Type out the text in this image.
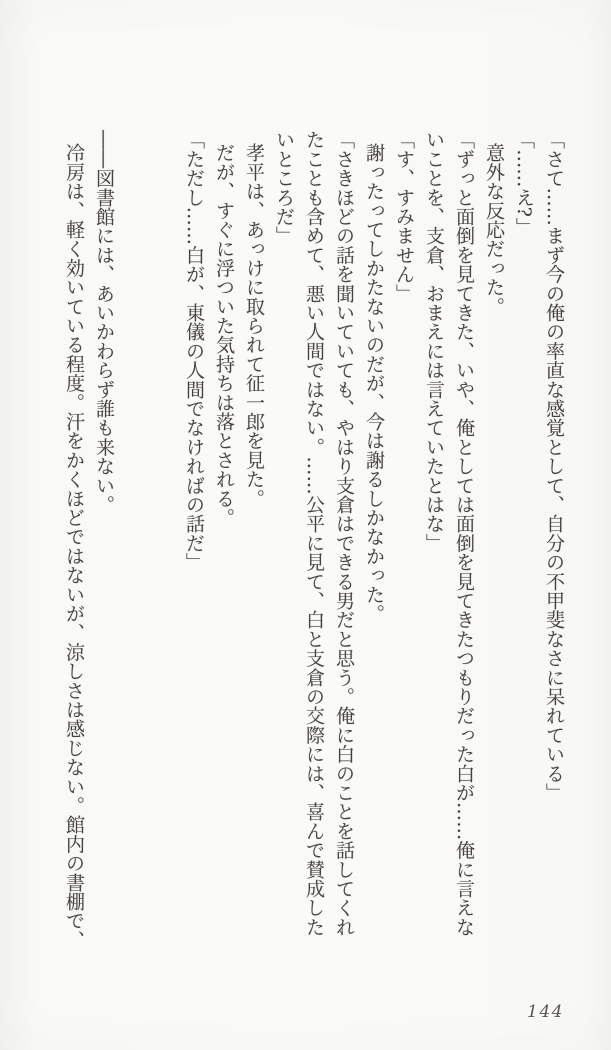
「さて……まず今の俺の率直な感覚として、自分の不甲斐なさに呆れている」

「……え?」

意外な反応だった。

「ずっと面倒を見てきた、いや、俺としては面倒を見てきたつもりだった白が……俺に言えないことを、支倉、おまえには言えていたとはな」

「す、すみません」

謝ったってしかたないのだが、今は謝るしかなかった。

「さきほどの話を聞いていても、やはり支倉はできる男だと思う。俺に白のことを話してくれたことも含めて、悪い人間ではない。……公平に見て、白と支倉の交際には、喜んで賛成したいところだ」

孝平は、あっけに取られて征一郎を見た。

だが、すぐに浮ついた気持ちは落とされる。

「ただし……白が、東儀の人間でなければの話だ」

――図書館には、あいかわらず誰も来ない。

冷房は、軽く効いている程度。汗をかくほどではないが、涼しさは感じない。館内の書棚で、

144
